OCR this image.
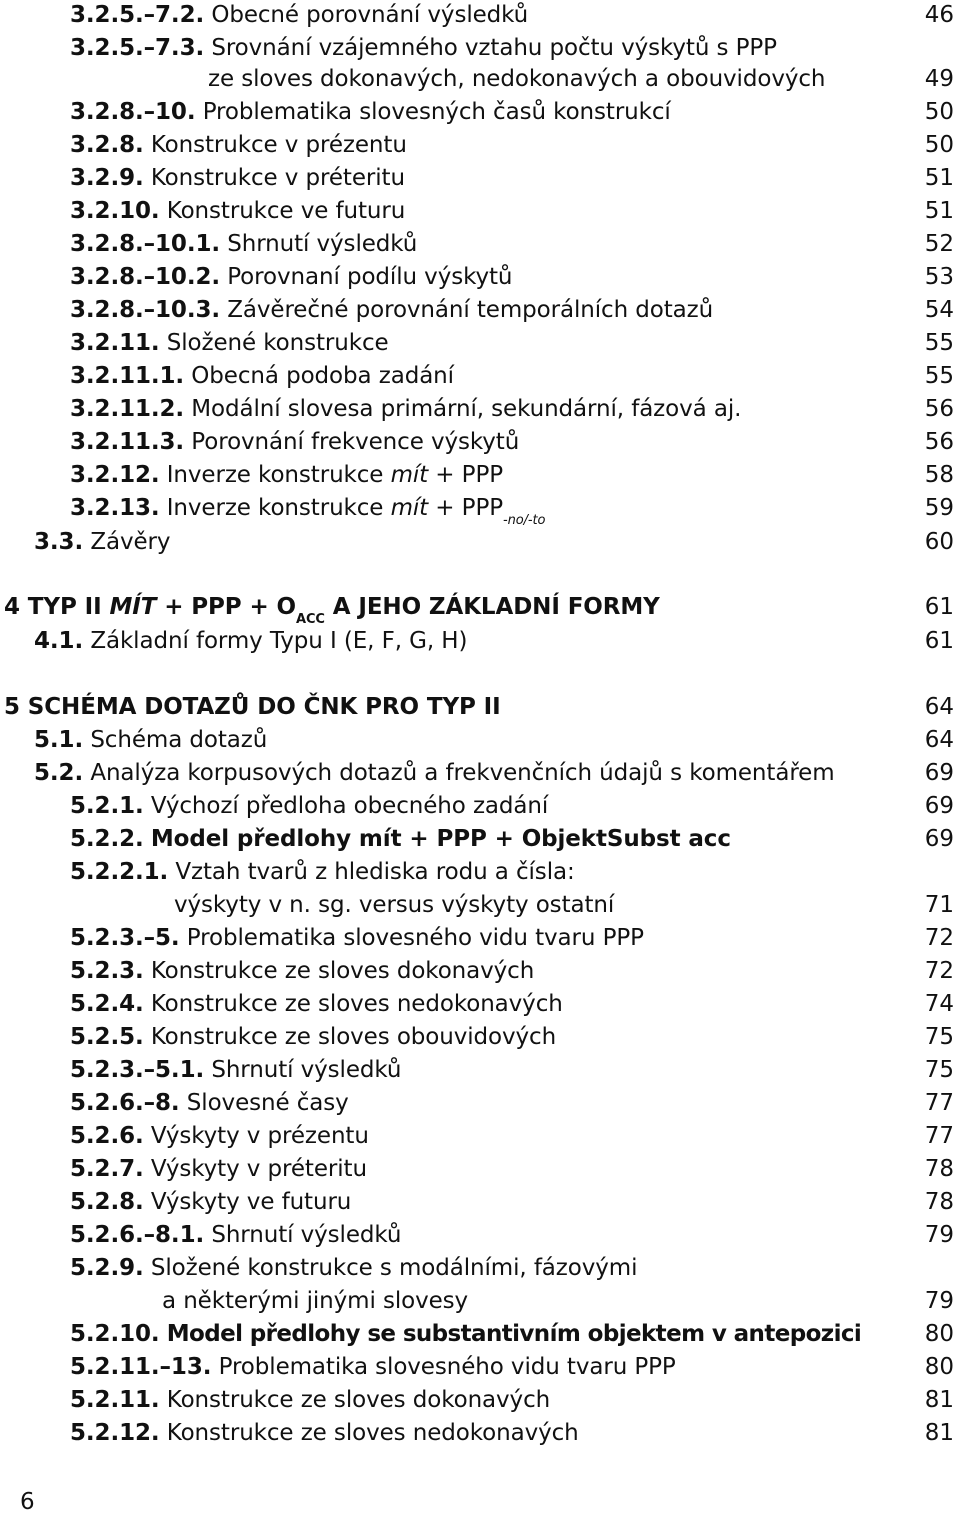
3.2.5.–7.2. Obecné porovnání výsledků	46
3.2.5.–7.3. Srovnání vzájemného vztahu počtu výskytů s PPP
ze sloves dokonavých, nedokonavých a obouvidových	49
3.2.8.–10. Problematika slovesných časů konstrukcí	50
3.2.8. Konstrukce v prézentu	50
3.2.9. Konstrukce v préteritu	51
3.2.10. Konstrukce ve futuru	51
3.2.8.–10.1. Shrnutí výsledků	52
3.2.8.–10.2. Porovnaní podílu výskytů	53
3.2.8.–10.3. Závěrečné porovnání temporálních dotazů	54
3.2.11. Složené konstrukce	55
3.2.11.1. Obecná podoba zadání	55
3.2.11.2. Modální slovesa primární, sekundární, fázová aj.	56
3.2.11.3. Porovnání frekvence výskytů	56
3.2.12. Inverze konstrukce mít + PPP	58
3.2.13. Inverze konstrukce mít + $PPP_{-no/-to}$	59
3.3. Závěry	60
4 TYP II MÍT + PPP + $O_{ACC}$ A JEHO ZÁKLADNÍ FORMY	61
4.1. Základní formy Typu I (E, F, G, H)	61
5 SCHÉMA DOTAZŮ DO ČNK PRO TYP II	64
5.1. Schéma dotazů	64
5.2. Analýza korpusových dotazů a frekvenčních údajů s komentářem	69
5.2.1. Výchozí předloha obecného zadání	69
5.2.2. Model předlohy mít + PPP + ObjektSubst acc	69
5.2.2.1. Vztah tvarů z hlediska rodu a čísla:
výskyty v n. sg. versus výskyty ostatní	71
5.2.3.–5. Problematika slovesného vidu tvaru PPP	72
5.2.3. Konstrukce ze sloves dokonavých	72
5.2.4. Konstrukce ze sloves nedokonavých	74
5.2.5. Konstrukce ze sloves obouvidových	75
5.2.3.–5.1. Shrnutí výsledků	75
5.2.6.–8. Slovesné časy	77
5.2.6. Výskyty v prézentu	77
5.2.7. Výskyty v préteritu	78
5.2.8. Výskyty ve futuru	78
5.2.6.–8.1. Shrnutí výsledků	79
5.2.9. Složené konstrukce s modálními, fázovými
a některými jinými slovesy	79
5.2.10. Model předlohy se substantivním objektem v antepozici	80
5.2.11.–13. Problematika slovesného vidu tvaru PPP	80
5.2.11. Konstrukce ze sloves dokonavých	81
5.2.12. Konstrukce ze sloves nedokonavých	81
6
